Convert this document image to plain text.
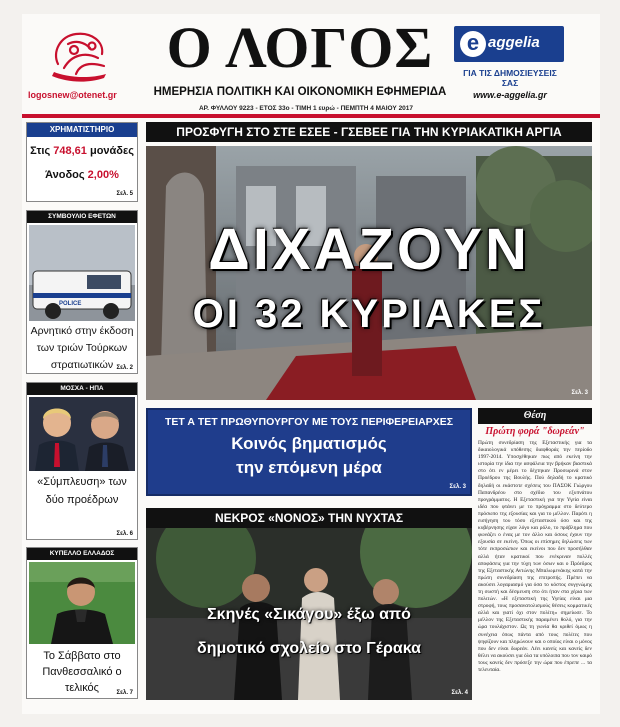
logosnew@otenet.gr
Ο ΛΟΓΟΣ
ΗΜΕΡΗΣΙΑ ΠΟΛΙΤΙΚΗ ΚΑΙ ΟΙΚΟΝΟΜΙΚΗ ΕΦΗΜΕΡΙΔΑ
ΑΡ. ΦΥΛΛΟΥ 9223 - ΕΤΟΣ 33ο - ΤΙΜΗ 1 ευρώ - ΠΕΜΠΤΗ 4 ΜΑΙΟΥ 2017
e aggelia
ΓΙΑ ΤΙΣ ΔΗΜΟΣΙΕΥΣΕΙΣ ΣΑΣ
www.e-aggelia.gr
ΧΡΗΜΑΤΙΣΤΗΡΙΟ
Στις 748,61 μονάδες
Άνοδος 2,00%
Σελ. 5
ΣΥΜΒΟΥΛΙΟ ΕΦΕΤΩΝ
POLICE
Αρνητικό στην έκδοση των τριών Τούρκων στρατιωτικών Σελ. 2
ΜΟΣΧΑ - ΗΠΑ
«Σύμπλευση» των δύο προέδρων
Σελ. 6
ΚΥΠΕΛΛΟ ΕΛΛΑΔΟΣ
Το Σάββατο στο Πανθεσσαλικό ο τελικός	Σελ. 7
ΠΡΟΣΦΥΓΗ ΣΤΟ ΣΤΕ ΕΣΕΕ - ΓΣΕΒΕΕ ΓΙΑ ΤΗΝ ΚΥΡΙΑΚΑΤΙΚΗ ΑΡΓΙΑ
ΔΙΧΑΖΟΥΝ
ΟΙ 32 ΚΥΡΙΑΚΕΣ
Σελ. 3
ΤΕΤ Α ΤΕΤ ΠΡΩΘΥΠΟΥΡΓΟΥ ΜΕ ΤΟΥΣ ΠΕΡΙΦΕΡΕΙΑΡΧΕΣ
Κοινός βηματισμός
την επόμενη μέρα
Σελ. 3
ΝΕΚΡΟΣ «ΝΟΝΟΣ» ΤΗΝ ΝΥΧΤΑΣ
Σκηνές «Σικάγου» έξω από
δημοτικό σχολείο στο Γέρακα
Σελ. 4
Θέση
Πρώτη φορά "δωρεάν"
Πρώτη συνεδρίαση της Εξεταστικής για τα δικαιολογικά υπόθεσης διαφθοράς την περίοδο 1997-2014. Υποσχέθηκαν πως από εκείνη την ιστορία την ίδια την ασφάλεια την βρήκαν βιαστικά στο ότι εν μέρει το δέχτηκαν Προσωρινά στον Προέδρου της Βουλής. Πού δηλαδή το κρατικό δηλαδή οι εκάστοτε σχέσεις του ΠΑΣΟΚ Γιώργου Παπανδρέου στο σχέδιο του εξυπνάτου προγράμματος. Η Εξεταστική για την Υγεία είναι ιδέα που φτάνει με το πρόγραμμα στο δεύτερο πρόσωπο της εξουσίας και για το μέλλον. Παρότι η εισήγηση του τόσο εξεταστικού όσο και της κυβέρνησης είχαν λόγο και ρόλο, το πρόβλημα που φωνάζει ο ένας με τον άλλο και όσους έχουν την εξουσία σε εκείνη. Όπως οι επίσημες δηλώσεις των τότε εκπροσώπων και εκείνοι που δεν προσήλθαν αλλά ήταν κρατικοί που ενέκριναν πολλές αποφάσεις για την τύχη των όσων και ο Πρόεδρος της Εξεταστικής Αντώνης Μπαλωμενάκης κατά την πρώτη συνεδρίαση της επιτροπής. Πρέπει να ακούσει λογαριασμό για όσα το κόστος συγγνώμης τη σωστή και δέσμευση στο ότι ήταν στα χέρια των πολιτών. «Η εξεταστική της Υγείας είναι μια στροφή, τους προσανατολισμούς θέσεις κομματικές αλλά και γιατί όχι στον πολίτη» σημείωσε. Το μέλλον της Εξεταστικής παραμένει θολό, για την ώρα τουλάχιστον. Ως τη γωνία θα κριθεί όμως η συνέχεια όπως πάντα από τους πολίτες που ψηφίζουν και πληρώνουν και ο οποίος είναι ο μόνος που δεν είναι δωρεάν. Λέει κανείς και κανείς δεν θέλει να ακούσει για όλα τα υπόλοιπα που τον καιρό τους κανείς δεν πρόσεξε την ώρα που έπρεπε ... τα τελευταία.
